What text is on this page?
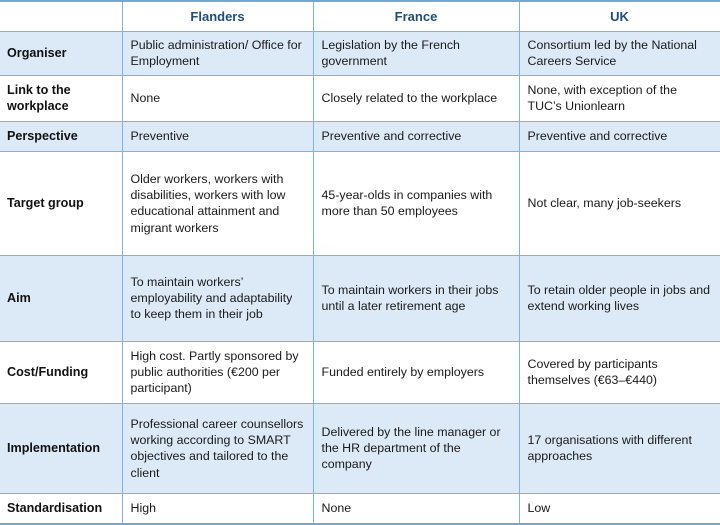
	Flanders	France	UK
Organiser	Public administration/ Office for Employment	Legislation by the French government	Consortium led by the National Careers Service
Link to the workplace	None	Closely related to the workplace	None, with exception of the TUC’s Unionlearn
Perspective	Preventive	Preventive and corrective	Preventive and corrective
Target group	Older workers, workers with disabilities, workers with low educational attainment and migrant workers	45-year-olds in companies with more than 50 employees	Not clear, many job-seekers
Aim	To maintain workers’ employability and adaptability to keep them in their job	To maintain workers in their jobs until a later retirement age	To retain older people in jobs and extend working lives
Cost/Funding	High cost. Partly sponsored by public authorities (€200 per participant)	Funded entirely by employers	Covered by participants themselves (€63–€440)
Implementation	Professional career counsellors working according to SMART objectives and tailored to the client	Delivered by the line manager or the HR department of the company	17 organisations with different approaches
Standardisation	High	None	Low
